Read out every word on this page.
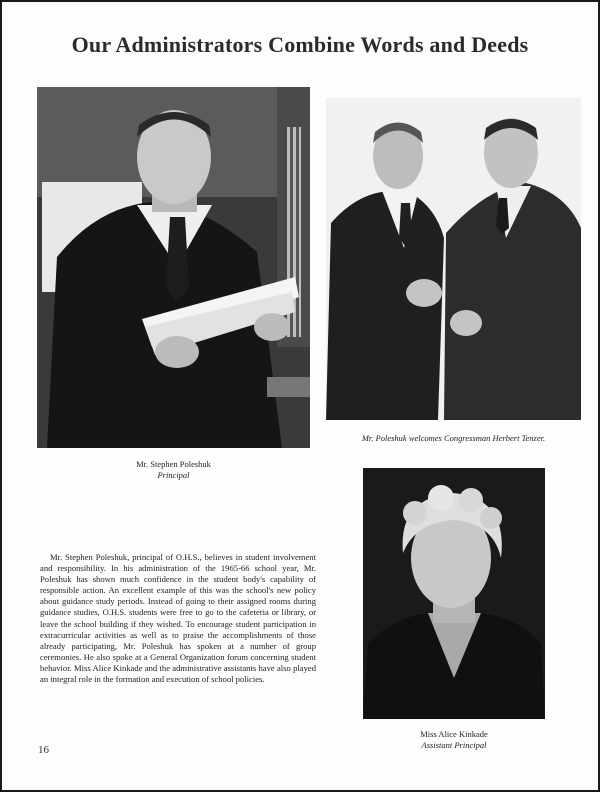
Our Administrators Combine Words and Deeds
Mr. Stephen Poleshuk
Principal
Mr. Poleshuk welcomes Congressman Herbert Tenzer.
Miss Alice Kinkade
Assistant Principal
Mr. Stephen Poleshuk, principal of O.H.S., believes in student involvement and responsibility. In his administration of the 1965-66 school year, Mr. Poleshuk has shown much confidence in the student body's capability of responsible action. An excellent example of this was the school's new policy about guidance study periods. Instead of going to their assigned rooms during guidance studies, O.H.S. students were free to go to the cafeteria or library, or leave the school building if they wished. To encourage student participation in extracurricular activities as well as to praise the accomplishments of those already participating, Mr. Poleshuk has spoken at a number of group ceremonies. He also spoke at a General Organization forum concerning student behavior. Miss Alice Kinkade and the administrative assistants have also played an integral role in the formation and execution of school policies.
16
